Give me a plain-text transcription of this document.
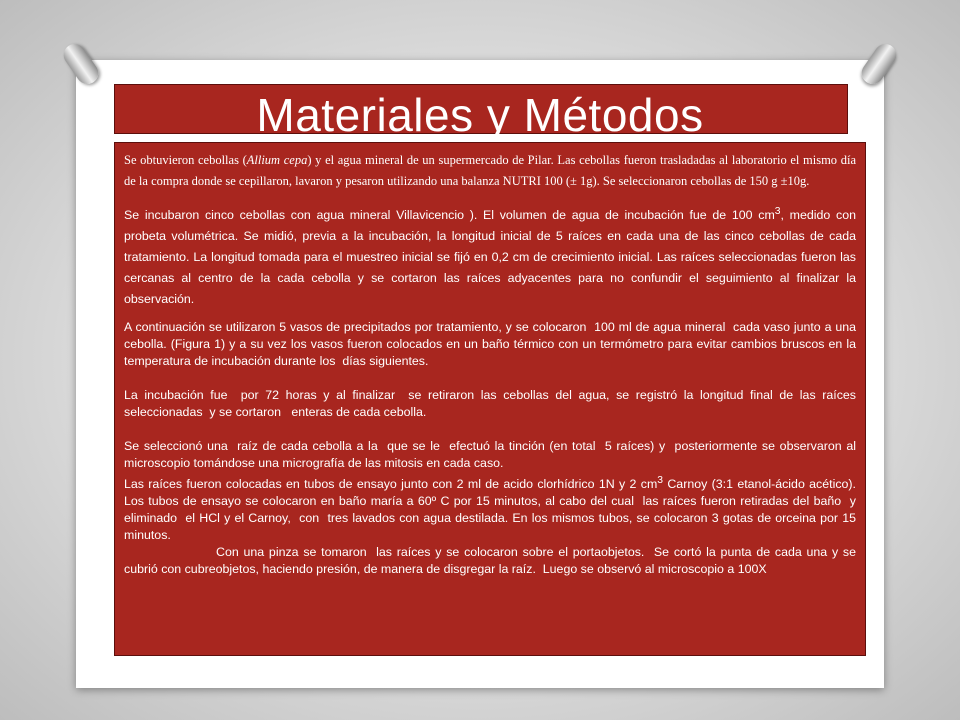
Materiales y Métodos

Se obtuvieron cebollas (Allium cepa) y el agua mineral de un supermercado de Pilar. Las cebollas fueron trasladadas al laboratorio el mismo día de la compra donde se cepillaron, lavaron y pesaron utilizando una balanza NUTRI 100 (± 1g). Se seleccionaron cebollas de 150 g ±10g.

Se incubaron cinco cebollas con agua mineral Villavicencio ). El volumen de agua de incubación fue de 100 $cm^3$, medido con probeta volumétrica. Se midió, previa a la incubación, la longitud inicial de 5 raíces en cada una de las cinco cebollas de cada tratamiento. La longitud tomada para el muestreo inicial se fijó en 0,2 cm de crecimiento inicial. Las raíces seleccionadas fueron las cercanas al centro de la cada cebolla y se cortaron las raíces adyacentes para no confundir el seguimiento al finalizar la observación.

A continuación se utilizaron 5 vasos de precipitados por tratamiento, y se colocaron  100 ml de agua mineral  cada vaso junto a una cebolla. (Figura 1) y a su vez los vasos fueron colocados en un baño térmico con un termómetro para evitar cambios bruscos en la temperatura de incubación durante los  días siguientes.

La incubación fue  por 72 horas y al finalizar  se retiraron las cebollas del agua, se registró la longitud final de las raíces seleccionadas  y se cortaron   enteras de cada cebolla.

Se seleccionó una  raíz de cada cebolla a la  que se le  efectuó la tinción (en total  5 raíces) y  posteriormente se observaron al microscopio tomándose una micrografía de las mitosis en cada caso.
Las raíces fueron colocadas en tubos de ensayo junto con 2 ml de acido clorhídrico 1N y 2 $cm^3$ Carnoy (3:1 etanol-ácido acético).  Los tubos de ensayo se colocaron en baño maría a 60º C por 15 minutos, al cabo del cual  las raíces fueron retiradas del baño  y eliminado  el HCl y el Carnoy,  con  tres lavados con agua destilada. En los mismos tubos, se colocaron 3 gotas de orceina por 15 minutos.
Con una pinza se tomaron  las raíces y se colocaron sobre el portaobjetos.  Se cortó la punta de cada una y se cubrió con cubreobjetos, haciendo presión, de manera de disgregar la raíz.  Luego se observó al microscopio a 100X
